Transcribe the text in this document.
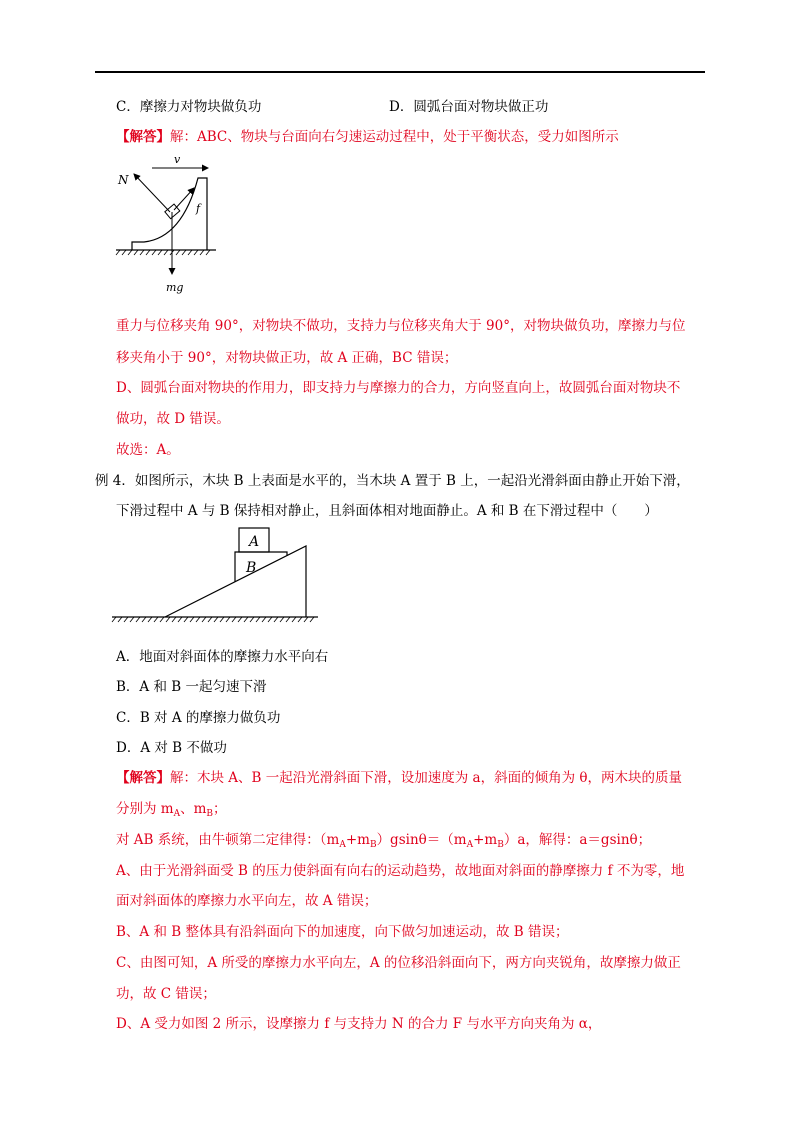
C．摩擦力对物块做负功	D．圆弧台面对物块做正功
【解答】解：ABC、物块与台面向右匀速运动过程中，处于平衡状态，受力如图所示
v
N
f
mg
重力与位移夹角 90°，对物块不做功，支持力与位移夹角大于 90°，对物块做负功，摩擦力与位
移夹角小于 90°，对物块做正功，故 A 正确，BC 错误；
D、圆弧台面对物块的作用力，即支持力与摩擦力的合力，方向竖直向上，故圆弧台面对物块不
做功，故 D 错误。
故选：A。
例 4．如图所示，木块 B 上表面是水平的，当木块 A 置于 B 上，一起沿光滑斜面由静止开始下滑，
下滑过程中 A 与 B 保持相对静止，且斜面体相对地面静止。A 和 B 在下滑过程中（　　）
B
A
A．地面对斜面体的摩擦力水平向右
B．A 和 B 一起匀速下滑
C．B 对 A 的摩擦力做负功
D．A 对 B 不做功
【解答】解：木块 A、B 一起沿光滑斜面下滑，设加速度为 a，斜面的倾角为 θ，两木块的质量
分别为 $m_A$、$m_B$；
对 AB 系统，由牛顿第二定律得：$(m_A+m_B)gsin\theta=(m_A+m_B)a$，解得：a＝gsinθ；
A、由于光滑斜面受 B 的压力使斜面有向右的运动趋势，故地面对斜面的静摩擦力 f 不为零，地
面对斜面体的摩擦力水平向左，故 A 错误；
B、A 和 B 整体具有沿斜面向下的加速度，向下做匀加速运动，故 B 错误；
C、由图可知，A 所受的摩擦力水平向左，A 的位移沿斜面向下，两方向夹锐角，故摩擦力做正
功，故 C 错误；
D、A 受力如图 2 所示，设摩擦力 f 与支持力 N 的合力 F 与水平方向夹角为 α，
